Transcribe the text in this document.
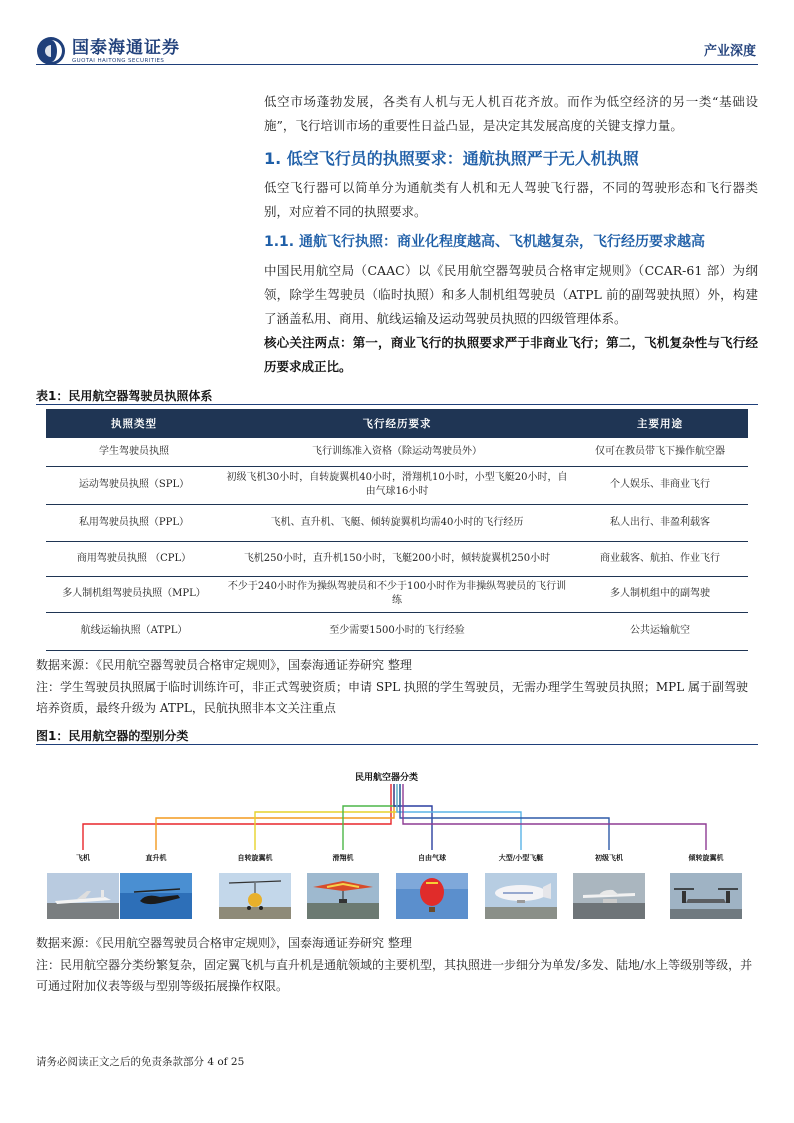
国泰海通证券
GUOTAI HAITONG SECURITIES
产业深度
低空市场蓬勃发展，各类有人机与无人机百花齐放。而作为低空经济的另一类“基础设施”，飞行培训市场的重要性日益凸显，是决定其发展高度的关键支撑力量。
1. 低空飞行员的执照要求：通航执照严于无人机执照
低空飞行器可以简单分为通航类有人机和无人驾驶飞行器，不同的驾驶形态和飞行器类别，对应着不同的执照要求。
1.1. 通航飞行执照：商业化程度越高、飞机越复杂，飞行经历要求越高
中国民用航空局（CAAC）以《民用航空器驾驶员合格审定规则》（CCAR-61 部）为纲领，除学生驾驶员（临时执照）和多人制机组驾驶员（ATPL 前的副驾驶执照）外，构建了涵盖私用、商用、航线运输及运动驾驶员执照的四级管理体系。
核心关注两点：第一，商业飞行的执照要求严于非商业飞行；第二，飞机复杂性与飞行经历要求成正比。
表1：民用航空器驾驶员执照体系
执照类型	飞行经历要求	主要用途
学生驾驶员执照	飞行训练准入资格（除运动驾驶员外）	仅可在教员带飞下操作航空器
运动驾驶员执照（SPL）	初级飞机30小时，自转旋翼机40小时，滑翔机10小时，小型飞艇20小时，自由气球16小时	个人娱乐、非商业飞行
私用驾驶员执照（PPL）	飞机、直升机、飞艇、倾转旋翼机均需40小时的飞行经历	私人出行、非盈利载客
商用驾驶员执照 （CPL）	飞机250小时，直升机150小时，飞艇200小时，倾转旋翼机250小时	商业载客、航拍、作业飞行
多人制机组驾驶员执照（MPL）	不少于240小时作为操纵驾驶员和不少于100小时作为非操纵驾驶员的飞行训练	多人制机组中的副驾驶
航线运输执照（ATPL）	至少需要1500小时的飞行经验	公共运输航空
数据来源：《民用航空器驾驶员合格审定规则》，国泰海通证券研究 整理
注：学生驾驶员执照属于临时训练许可，非正式驾驶资质；申请 SPL 执照的学生驾驶员，无需办理学生驾驶员执照；MPL 属于副驾驶培养资质，最终升级为 ATPL，民航执照非本文关注重点
图1：民用航空器的型别分类
民用航空器分类
飞机	直升机	自转旋翼机	滑翔机	自由气球	大型/小型飞艇	初级飞机	倾转旋翼机
数据来源：《民用航空器驾驶员合格审定规则》，国泰海通证券研究 整理
注：民用航空器分类纷繁复杂，固定翼飞机与直升机是通航领域的主要机型，其执照进一步细分为单发/多发、陆地/水上等级别等级，并可通过附加仪表等级与型别等级拓展操作权限。
请务必阅读正文之后的免责条款部分 4 of 25
